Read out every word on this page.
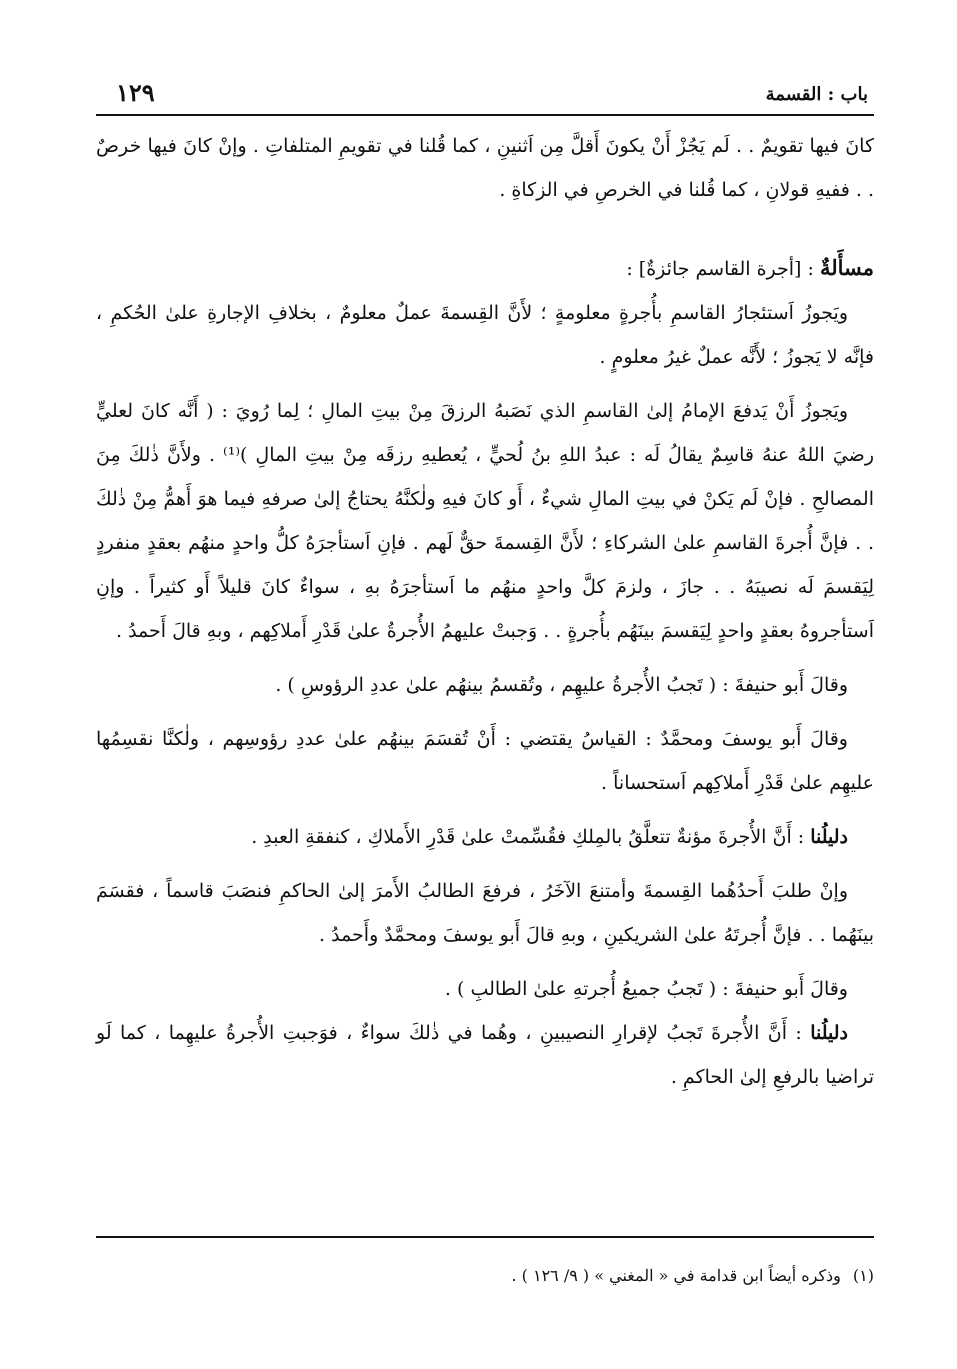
باب : القسمة
١٢٩

كانَ فيها تقويمٌ . . لَم يَجُزْ أَنْ يكونَ أَقلَّ مِن اَثنينِ ، كما قُلنا في تقويمِ المتلفاتِ . وإنْ كانَ فيها خرصٌ . . ففيهِ قولانِ ، كما قُلنا في الخرصِ في الزكاةِ .

مسأَلةٌ : [أجرة القاسم جائزةٌ] :

ويَجوزُ اَستئجارُ القاسمِ بأُجرةٍ معلومةٍ ؛ لأَنَّ القِسمةَ عملٌ معلومٌ ، بخلافِ الإجارةِ علىٰ الحُكمِ ، فإنَّه لا يَجوزُ ؛ لأَنَّه عملٌ غيرُ معلومٍ .

ويَجوزُ أَنْ يَدفعَ الإمامُ إلىٰ القاسمِ الذي نَصَبهُ الرزقَ مِنْ بيتِ المالِ ؛ لِما رُويَ : ( أَنَّه كانَ لعليٍّ رضيَ اللهُ عنهُ قاسِمٌ يقالُ لَه : عبدُ اللهِ بنُ لُحيٍّ ، يُعطيهِ رزقَه مِنْ بيتِ المالِ )⁽¹⁾ . ولأَنَّ ذٰلكَ مِنَ المصالحِ . فإنْ لَم يَكنْ في بيتِ المالِ شيءٌ ، أَو كانَ فيهِ ولٰكنَّهُ يحتاجُ إلىٰ صرفهِ فيما هوَ أَهمُّ مِنْ ذٰلكَ . . فإنَّ أُجرةَ القاسمِ علىٰ الشركاءِ ؛ لأَنَّ القِسمةَ حقٌّ لَهم . فإنِ اَستأجرَهُ كلُّ واحدٍ منهُم بعقدٍ منفردٍ لِيَقسمَ لَه نصيبَهُ . . جازَ ، ولزمَ كلَّ واحدٍ منهُم ما اَستأجرَهُ بهِ ، سواءٌ كانَ قليلاً أَو كثيراً . وإنِ اَستأجروهُ بعقدٍ واحدٍ لِيَقسمَ بينَهُم بأُجرةٍ . . وَجبتْ عليهمُ الأُجرةُ علىٰ قَدْرِ أَملاكِهم ، وبهِ قالَ أَحمدُ .

وقالَ أَبو حنيفةَ : ( تَجبُ الأُجرةُ عليهِم ، وتُقسمُ بينهُم علىٰ عددِ الرؤوسِ ) .

وقالَ أَبو يوسفَ ومحمَّدٌ : القياسُ يقتضي : أَنْ تُقسَمَ بينهُم علىٰ عددِ رؤوسِهم ، ولٰكنَّا نقسِمُها عليهِم علىٰ قَدْرِ أَملاكِهم اَستحساناً .

دليلُنا : أَنَّ الأُجرةَ مؤنةٌ تتعلَّقُ بالمِلكِ فقُسِّمتْ علىٰ قَدْرِ الأَملاكِ ، كنفقةِ العبدِ .

وإنْ طلبَ أَحدُهُما القِسمةَ وأمتنعَ الآخَرُ ، فرفعَ الطالبُ الأَمرَ إلىٰ الحاكمِ فنصَبَ قاسماً ، فقسَمَ بينَهُما . . فإنَّ أُجرتَهُ علىٰ الشريكينِ ، وبهِ قالَ أَبو يوسفَ ومحمَّدٌ وأَحمدُ .

وقالَ أَبو حنيفةَ : ( تَجبُ جميعُ أُجرتهِ علىٰ الطالبِ ) .

دليلُنا : أَنَّ الأُجرةَ تَجبُ لإقرارِ النصيبينِ ، وهُما في ذٰلكَ سواءٌ ، فوَجبتِ الأُجرةُ عليهِما ، كما لَو تراضيا بالرفعِ إلىٰ الحاكمِ .

(١)وذكره أيضاً ابن قدامة في « المغني » ( ٩/ ١٢٦ ) .
